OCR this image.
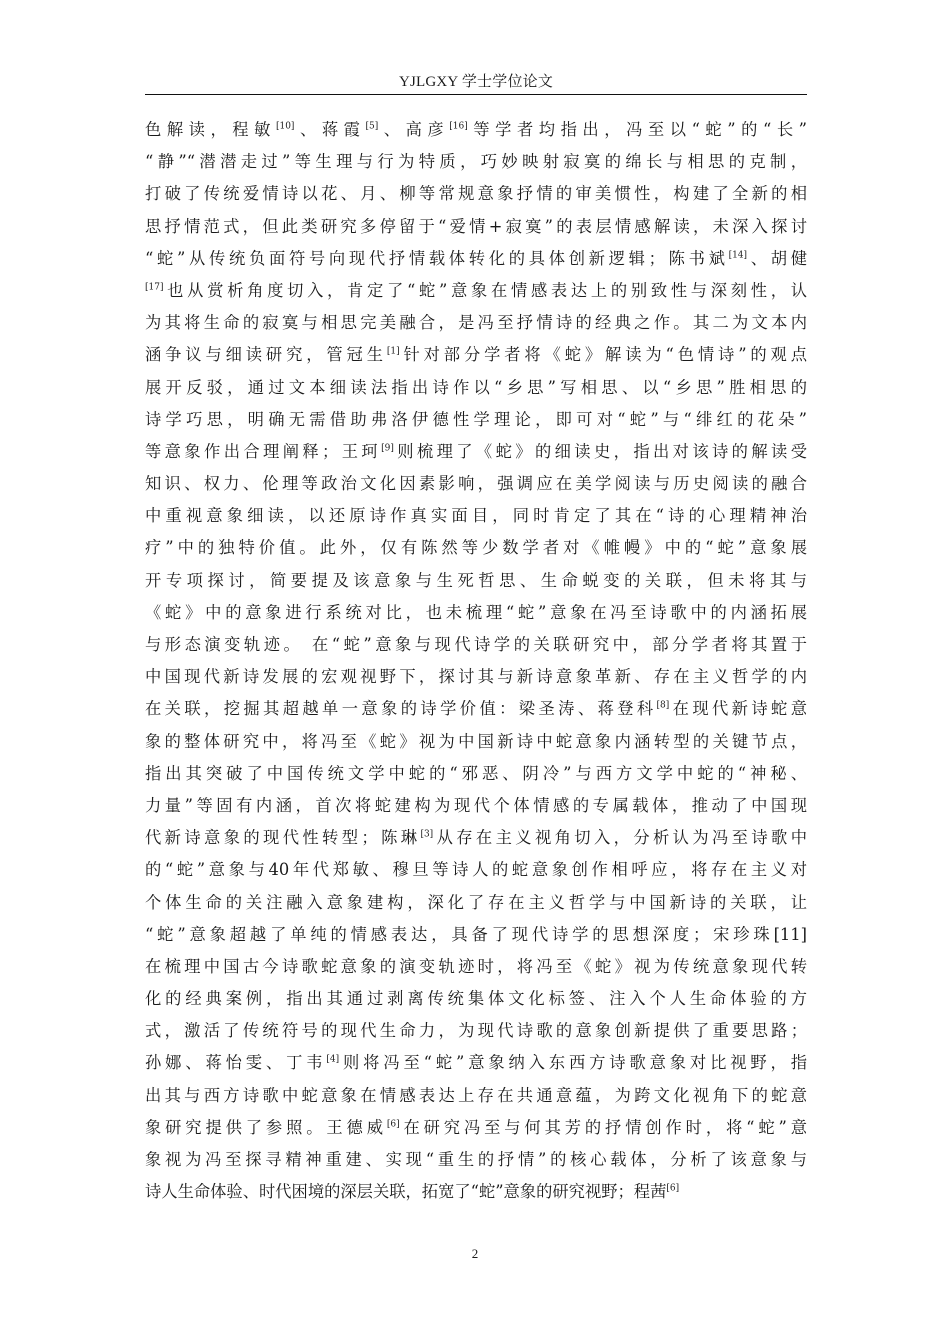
YJLGXY 学士学位论文
色解读，程敏[10]、蒋霞[5]、高彦[16]等学者均指出，冯至以“蛇”的“长”
“静”“潜潜走过”等生理与行为特质，巧妙映射寂寞的绵长与相思的克制，
打破了传统爱情诗以花、月、柳等常规意象抒情的审美惯性，构建了全新的相
思抒情范式，但此类研究多停留于“爱情+寂寞”的表层情感解读，未深入探讨
“蛇”从传统负面符号向现代抒情载体转化的具体创新逻辑；陈书斌[14]、胡健
[17]也从赏析角度切入，肯定了“蛇”意象在情感表达上的别致性与深刻性，认
为其将生命的寂寞与相思完美融合，是冯至抒情诗的经典之作。其二为文本内
涵争议与细读研究，管冠生[1]针对部分学者将《蛇》解读为“色情诗”的观点
展开反驳，通过文本细读法指出诗作以“乡思”写相思、以“乡思”胜相思的
诗学巧思，明确无需借助弗洛伊德性学理论，即可对“蛇”与“绯红的花朵”
等意象作出合理阐释；王珂[9]则梳理了《蛇》的细读史，指出对该诗的解读受
知识、权力、伦理等政治文化因素影响，强调应在美学阅读与历史阅读的融合
中重视意象细读，以还原诗作真实面目，同时肯定了其在“诗的心理精神治
疗”中的独特价值。此外，仅有陈然等少数学者对《帷幔》中的“蛇”意象展
开专项探讨，简要提及该意象与生死哲思、生命蜕变的关联，但未将其与
《蛇》中的意象进行系统对比，也未梳理“蛇”意象在冯至诗歌中的内涵拓展
与形态演变轨迹。 在“蛇”意象与现代诗学的关联研究中，部分学者将其置于
中国现代新诗发展的宏观视野下，探讨其与新诗意象革新、存在主义哲学的内
在关联，挖掘其超越单一意象的诗学价值：梁圣涛、蒋登科[8]在现代新诗蛇意
象的整体研究中，将冯至《蛇》视为中国新诗中蛇意象内涵转型的关键节点，
指出其突破了中国传统文学中蛇的“邪恶、阴冷”与西方文学中蛇的“神秘、
力量”等固有内涵，首次将蛇建构为现代个体情感的专属载体，推动了中国现
代新诗意象的现代性转型；陈琳[3]从存在主义视角切入，分析认为冯至诗歌中
的“蛇”意象与40年代郑敏、穆旦等诗人的蛇意象创作相呼应，将存在主义对
个体生命的关注融入意象建构，深化了存在主义哲学与中国新诗的关联，让
“蛇”意象超越了单纯的情感表达，具备了现代诗学的思想深度；宋珍珠[11]
在梳理中国古今诗歌蛇意象的演变轨迹时，将冯至《蛇》视为传统意象现代转
化的经典案例，指出其通过剥离传统集体文化标签、注入个人生命体验的方
式，激活了传统符号的现代生命力，为现代诗歌的意象创新提供了重要思路；
孙娜、蒋怡雯、丁韦[4]则将冯至“蛇”意象纳入东西方诗歌意象对比视野，指
出其与西方诗歌中蛇意象在情感表达上存在共通意蕴，为跨文化视角下的蛇意
象研究提供了参照。王德威[6]在研究冯至与何其芳的抒情创作时，将“蛇”意
象视为冯至探寻精神重建、实现“重生的抒情”的核心载体，分析了该意象与
诗人生命体验、时代困境的深层关联，拓宽了“蛇”意象的研究视野；程茜[6]
2
